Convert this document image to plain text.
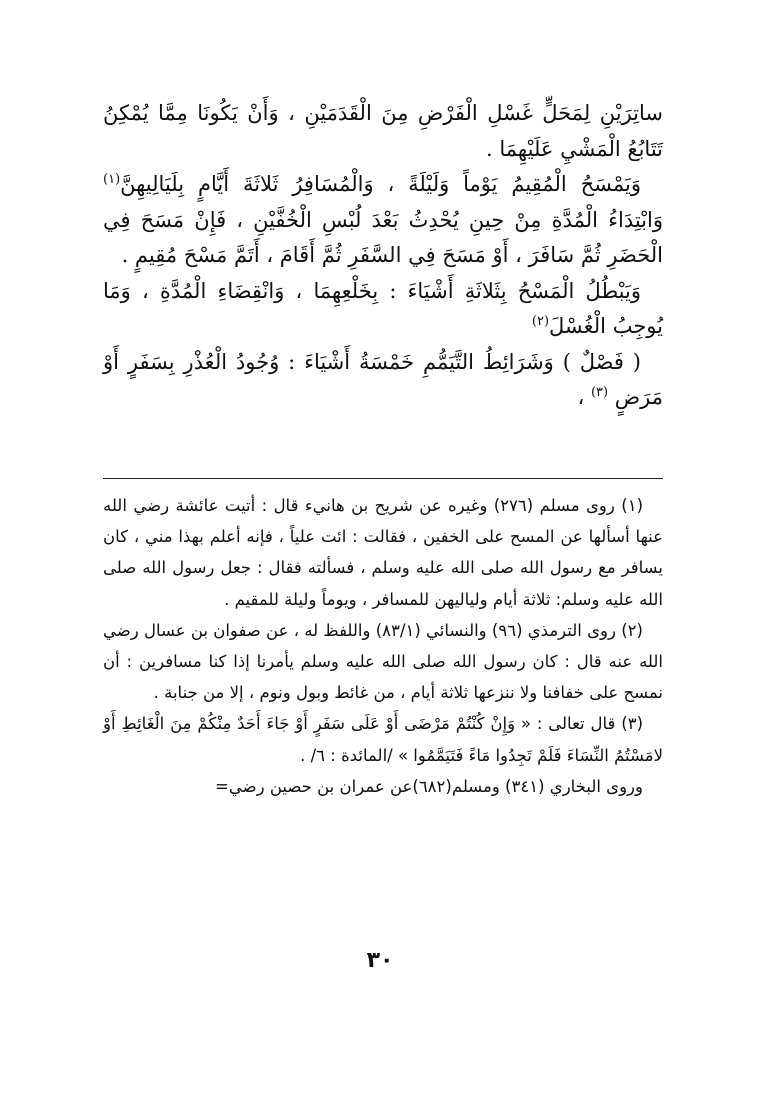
ساتِرَيْنِ لِمَحَلٍّ غَسْلِ الْفَرْضِ مِنَ الْقَدَمَيْنِ ، وَأَنْ يَكُونَا مِمَّا يُمْكِنُ تَتَابُعُ الْمَشْيِ عَلَيْهِمَا .

وَيَمْسَحُ الْمُقِيمُ يَوْماً وَلَيْلَةً ، وَالْمُسَافِرُ ثَلاثَةَ أَيَّامٍ بِلَيَالِيهِنَّ$^{(١)}$ وَابْتِدَاءُ الْمُدَّةِ مِنْ حِينِ يُحْدِثُ بَعْدَ لُبْسِ الْخُفَّيْنِ ، فَإِنْ مَسَحَ فِي الْحَضَرِ ثُمَّ سَافَرَ ، أَوْ مَسَحَ فِي السَّفَرِ ثُمَّ أَقَامَ ، أَتَمَّ مَسْحَ مُقِيمٍ .

وَيَبْطُلُ الْمَسْحُ بِثَلاثَةِ أَشْيَاءَ : بِخَلْعِهِمَا ، وَانْقِضَاءِ الْمُدَّةِ ، وَمَا يُوجِبُ الْغُسْلَ$^{(٢)}$

( فَصْلٌ ) وَشَرَائِطُ التَّيَمُّمِ خَمْسَةُ أَشْيَاءَ : وُجُودُ الْعُذْرِ بِسَفَرٍ أَوْ مَرَضٍ $^{(٣)}$ ،

(١) روى مسلم (٢٧٦) وغيره عن شريح بن هانيء قال : أتيت عائشة رضي الله عنها أسألها عن المسح على الخفين ، فقالت : ائت علياً ، فإنه أعلم بهذا مني ، كان يسافر مع رسول الله صلى الله عليه وسلم ، فسألته فقال : جعل رسول الله صلى الله عليه وسلم: ثلاثة أيام ولياليهن للمسافر ، ويوماً وليلة للمقيم .

(٢) روى الترمذي (٩٦) والنسائي (٨٣/١) واللفظ له ، عن صفوان بن عسال رضي الله عنه قال : كان رسول الله صلى الله عليه وسلم يأمرنا إذا كنا مسافرين : أن نمسح على خفافنا ولا ننزعها ثلاثة أيام ، من غائط وبول ونوم ، إلا من جنابة .

(٣) قال تعالى : « وَإِنْ كُنْتُمْ مَرْضَى أَوْ عَلَى سَفَرٍ أَوْ جَاءَ أَحَدٌ مِنْكُمْ مِنَ الْغَائِطِ أَوْ لامَسْتُمُ النِّسَاءَ فَلَمْ تَجِدُوا مَاءً فَتَيَمَّمُوا » /المائدة : ٦/ .

وروى البخاري (٣٤١) ومسلم(٦٨٢)عن عمران بن حصين رضي=

٣٠
